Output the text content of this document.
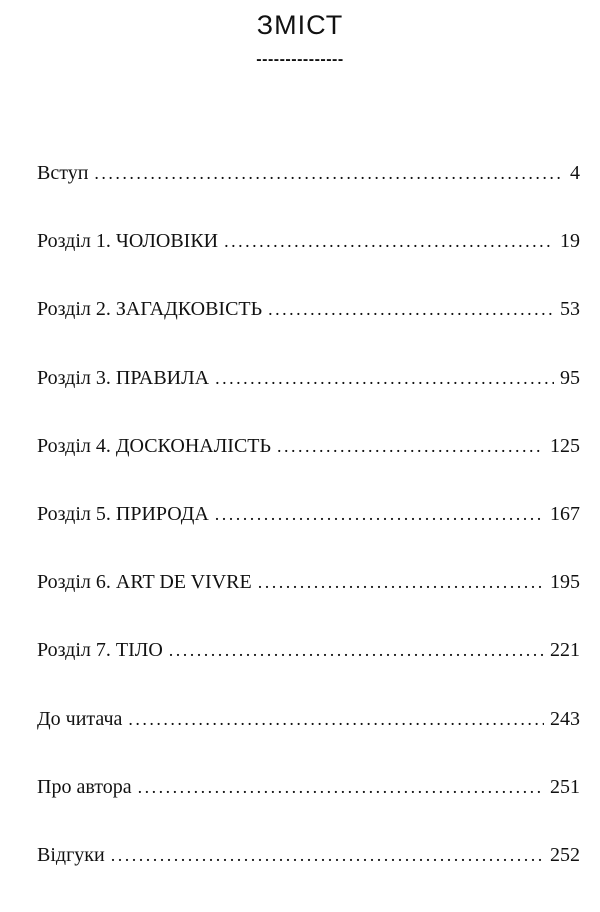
ЗМІСТ
---------------
Вступ . . .	4
Розділ 1. ЧОЛОВІКИ . . .	19
Розділ 2. ЗАГАДКОВІСТЬ . . .	53
Розділ 3. ПРАВИЛА . . .	95
Розділ 4. ДОСКОНАЛІСТЬ . . .	125
Розділ 5. ПРИРОДА . . .	167
Розділ 6. ART DE VIVRE . . .	195
Розділ 7. ТІЛО . . .	221
До читача . . .	243
Про автора . . .	251
Відгуки . . .	252
